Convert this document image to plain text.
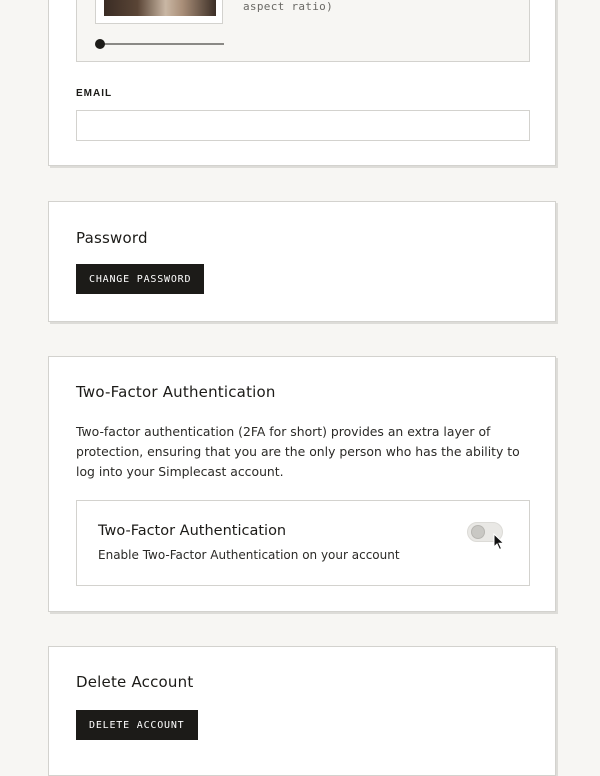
aspect ratio)
EMAIL
Password
CHANGE PASSWORD
Two-Factor Authentication
Two-factor authentication (2FA for short) provides an extra layer of protection, ensuring that you are the only person who has the ability to log into your Simplecast account.
Two-Factor Authentication
Enable Two-Factor Authentication on your account
Delete Account
DELETE ACCOUNT
